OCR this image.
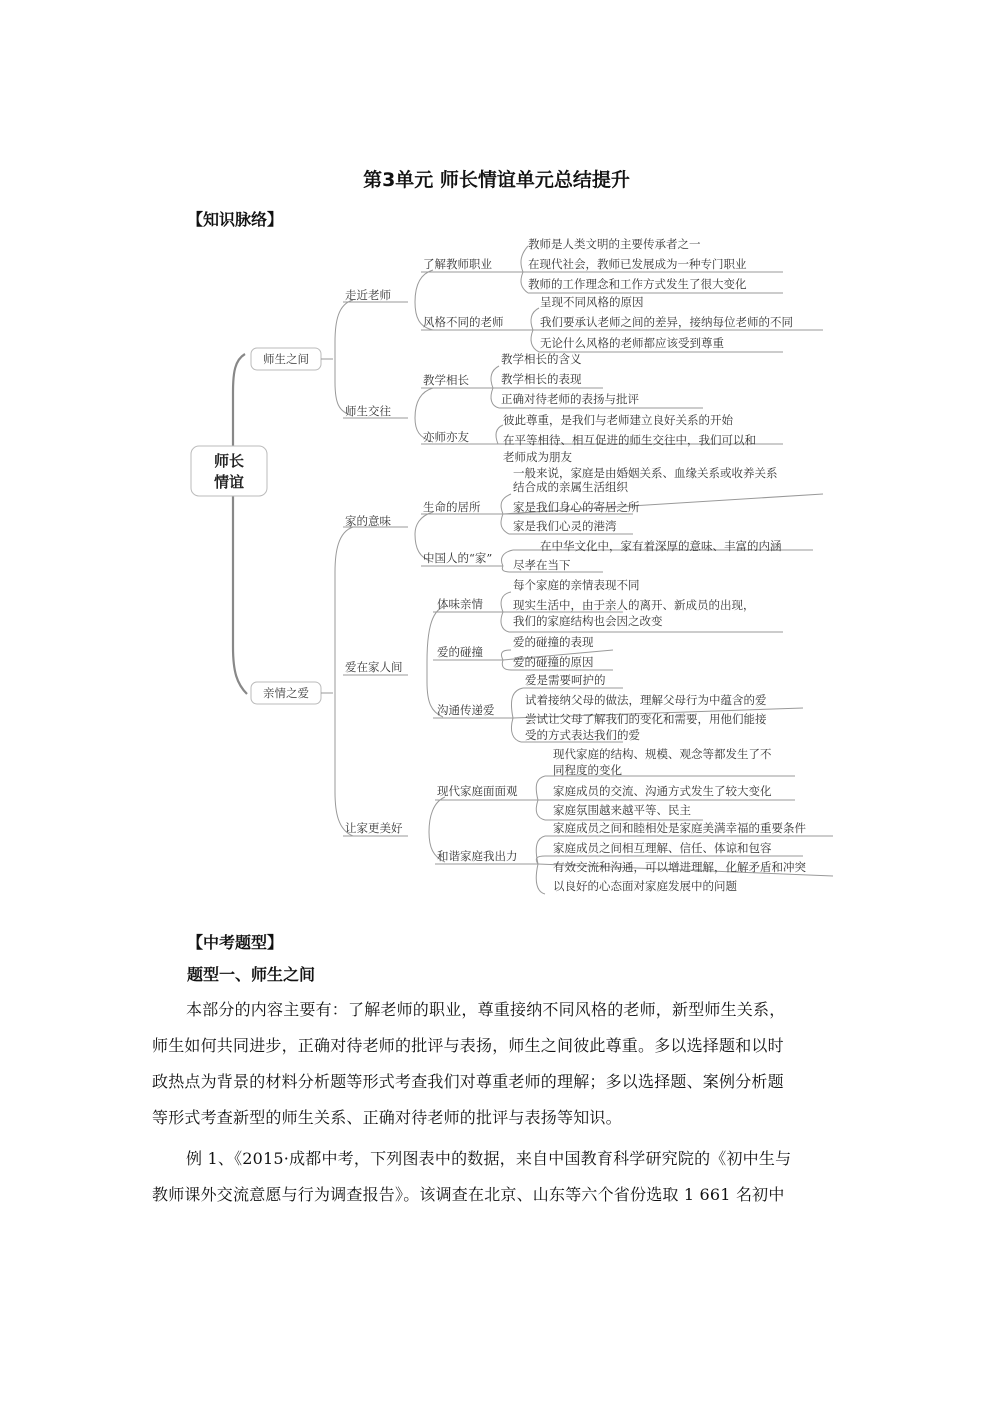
第3单元 师长情谊单元总结提升
【知识脉络】
师长
情谊
师生之间
亲情之爱
走近老师
师生交往
了解教师职业
风格不同的老师
教师是人类文明的主要传承者之一
在现代社会，教师已发展成为一种专门职业
教师的工作理念和工作方式发生了很大变化
呈现不同风格的原因
我们要承认老师之间的差异，接纳每位老师的不同
无论什么风格的老师都应该受到尊重
教学相长
亦师亦友
教学相长的含义
教学相长的表现
正确对待老师的表扬与批评
彼此尊重，是我们与老师建立良好关系的开始
在平等相待、相互促进的师生交往中，我们可以和
老师成为朋友
家的意味
爱在家人间
让家更美好
生命的居所
中国人的“家”
一般来说，家庭是由婚姻关系、血缘关系或收养关系
结合成的亲属生活组织
家是我们身心的寄居之所
家是我们心灵的港湾
在中华文化中，家有着深厚的意味、丰富的内涵
尽孝在当下
体味亲情
爱的碰撞
沟通传递爱
每个家庭的亲情表现不同
现实生活中，由于亲人的离开、新成员的出现，
我们的家庭结构也会因之改变
爱的碰撞的表现
爱的碰撞的原因
爱是需要呵护的
试着接纳父母的做法，理解父母行为中蕴含的爱
尝试让父母了解我们的变化和需要，用他们能接
受的方式表达我们的爱
现代家庭面面观
和谐家庭我出力
现代家庭的结构、规模、观念等都发生了不
同程度的变化
家庭成员的交流、沟通方式发生了较大变化
家庭氛围越来越平等、民主
家庭成员之间和睦相处是家庭美满幸福的重要条件
家庭成员之间相互理解、信任、体谅和包容
有效交流和沟通，可以增进理解，化解矛盾和冲突
以良好的心态面对家庭发展中的问题
【中考题型】
题型一、师生之间
本部分的内容主要有：了解老师的职业，尊重接纳不同风格的老师，新型师生关系，
师生如何共同进步，正确对待老师的批评与表扬，师生之间彼此尊重。多以选择题和以时
政热点为背景的材料分析题等形式考查我们对尊重老师的理解；多以选择题、案例分析题
等形式考查新型的师生关系、正确对待老师的批评与表扬等知识。
例 1、《2015·成都中考，下列图表中的数据，来自中国教育科学研究院的《初中生与
教师课外交流意愿与行为调查报告》。该调查在北京、山东等六个省份选取 1 661 名初中
